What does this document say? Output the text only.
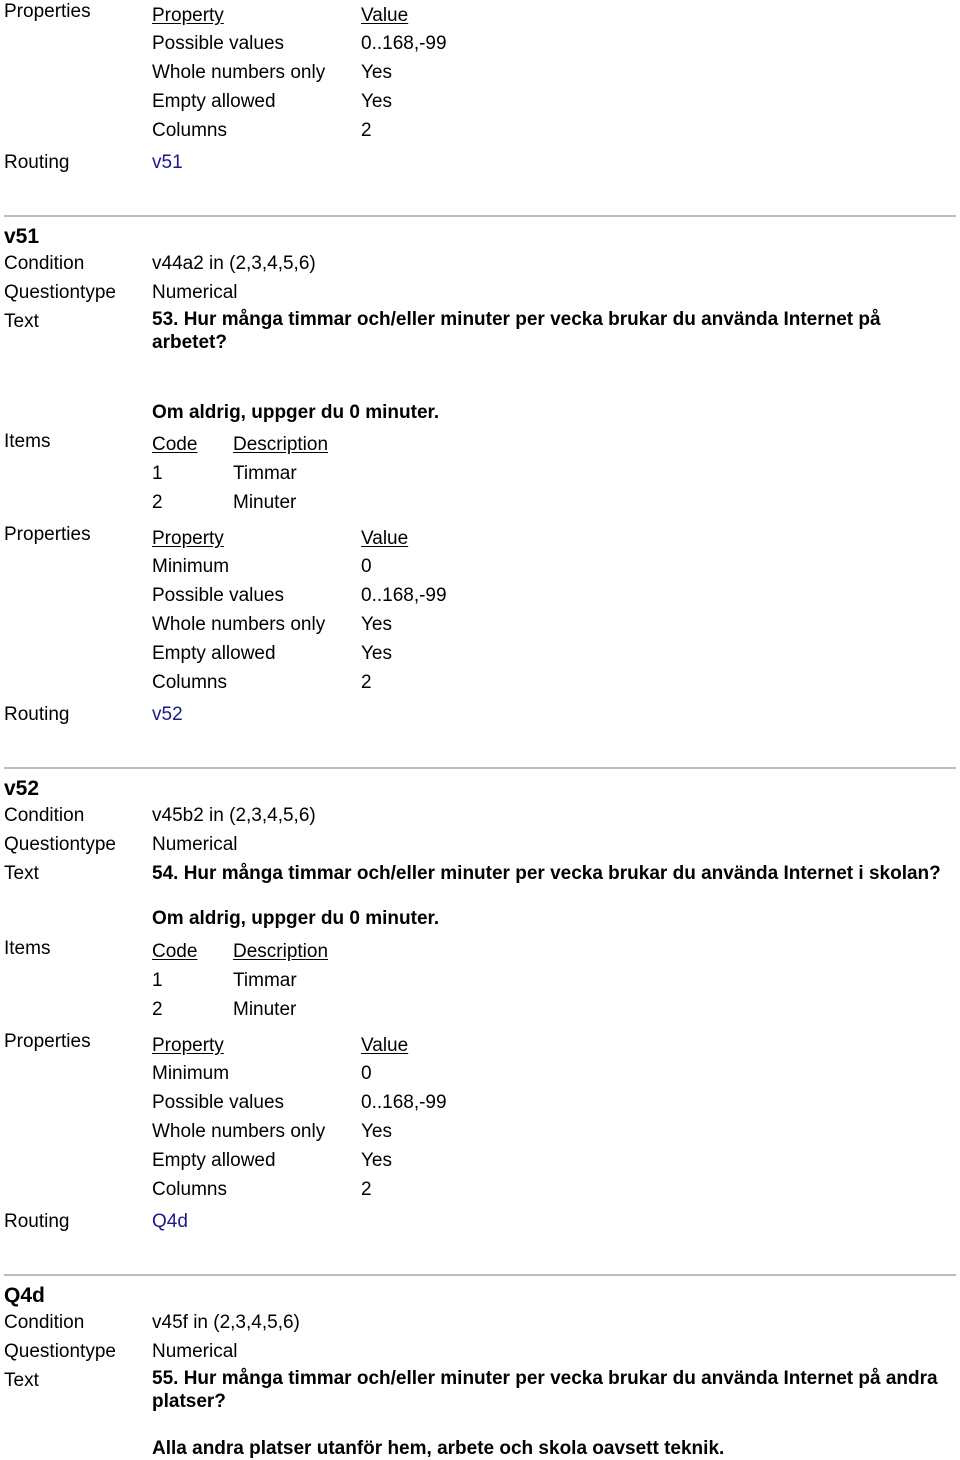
Properties	Property	Value
Possible values	0..168,-99
Whole numbers only Yes
Empty allowed	Yes
Columns	2
Routing	v51
v51
Condition	v44a2 in (2,3,4,5,6)
Questiontype Numerical
Text	53. Hur många timmar och/eller minuter per vecka brukar du använda Internet på arbetet?
Om aldrig, uppger du 0 minuter.
Items	Code Description
1	Timmar
2	Minuter
Properties	Property	Value
Minimum	0
Possible values	0..168,-99
Whole numbers only Yes
Empty allowed	Yes
Columns	2
Routing	v52
v52
Condition	v45b2 in (2,3,4,5,6)
Questiontype Numerical
Text	54. Hur många timmar och/eller minuter per vecka brukar du använda Internet i skolan?
Om aldrig, uppger du 0 minuter.
Items	Code Description
1	Timmar
2	Minuter
Properties	Property	Value
Minimum	0
Possible values	0..168,-99
Whole numbers only Yes
Empty allowed	Yes
Columns	2
Routing	Q4d
Q4d
Condition	v45f in (2,3,4,5,6)
Questiontype Numerical
Text	55. Hur många timmar och/eller minuter per vecka brukar du använda Internet på andra platser?
Alla andra platser utanför hem, arbete och skola oavsett teknik.
